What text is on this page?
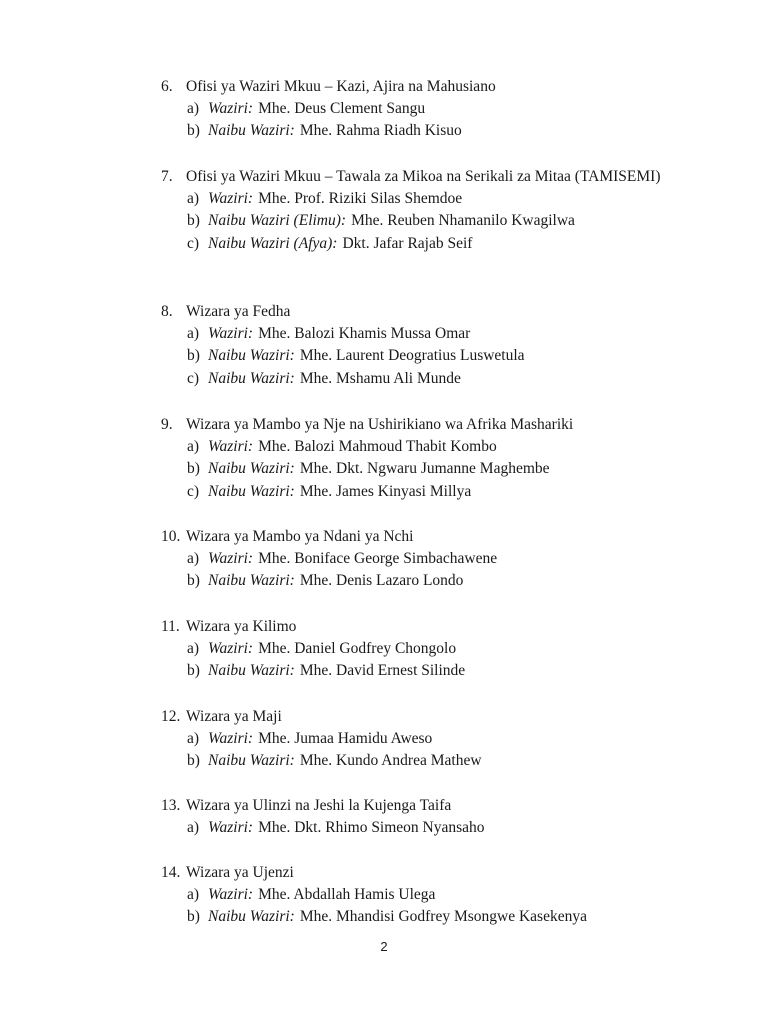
6. Ofisi ya Waziri Mkuu – Kazi, Ajira na Mahusiano
a) Waziri: Mhe. Deus Clement Sangu
b) Naibu Waziri: Mhe. Rahma Riadh Kisuo
7. Ofisi ya Waziri Mkuu – Tawala za Mikoa na Serikali za Mitaa (TAMISEMI)
a) Waziri: Mhe. Prof. Riziki Silas Shemdoe
b) Naibu Waziri (Elimu): Mhe. Reuben Nhamanilo Kwagilwa
c) Naibu Waziri (Afya): Dkt. Jafar Rajab Seif
8. Wizara ya Fedha
a) Waziri: Mhe. Balozi Khamis Mussa Omar
b) Naibu Waziri: Mhe. Laurent Deogratius Luswetula
c) Naibu Waziri: Mhe. Mshamu Ali Munde
9. Wizara ya Mambo ya Nje na Ushirikiano wa Afrika Mashariki
a) Waziri: Mhe. Balozi Mahmoud Thabit Kombo
b) Naibu Waziri: Mhe. Dkt. Ngwaru Jumanne Maghembe
c) Naibu Waziri: Mhe. James Kinyasi Millya
10. Wizara ya Mambo ya Ndani ya Nchi
a) Waziri: Mhe. Boniface George Simbachawene
b) Naibu Waziri: Mhe. Denis Lazaro Londo
11. Wizara ya Kilimo
a) Waziri: Mhe. Daniel Godfrey Chongolo
b) Naibu Waziri: Mhe. David Ernest Silinde
12. Wizara ya Maji
a) Waziri: Mhe. Jumaa Hamidu Aweso
b) Naibu Waziri: Mhe. Kundo Andrea Mathew
13. Wizara ya Ulinzi na Jeshi la Kujenga Taifa
a) Waziri: Mhe. Dkt. Rhimo Simeon Nyansaho
14. Wizara ya Ujenzi
a) Waziri: Mhe. Abdallah Hamis Ulega
b) Naibu Waziri: Mhe. Mhandisi Godfrey Msongwe Kasekenya
2
